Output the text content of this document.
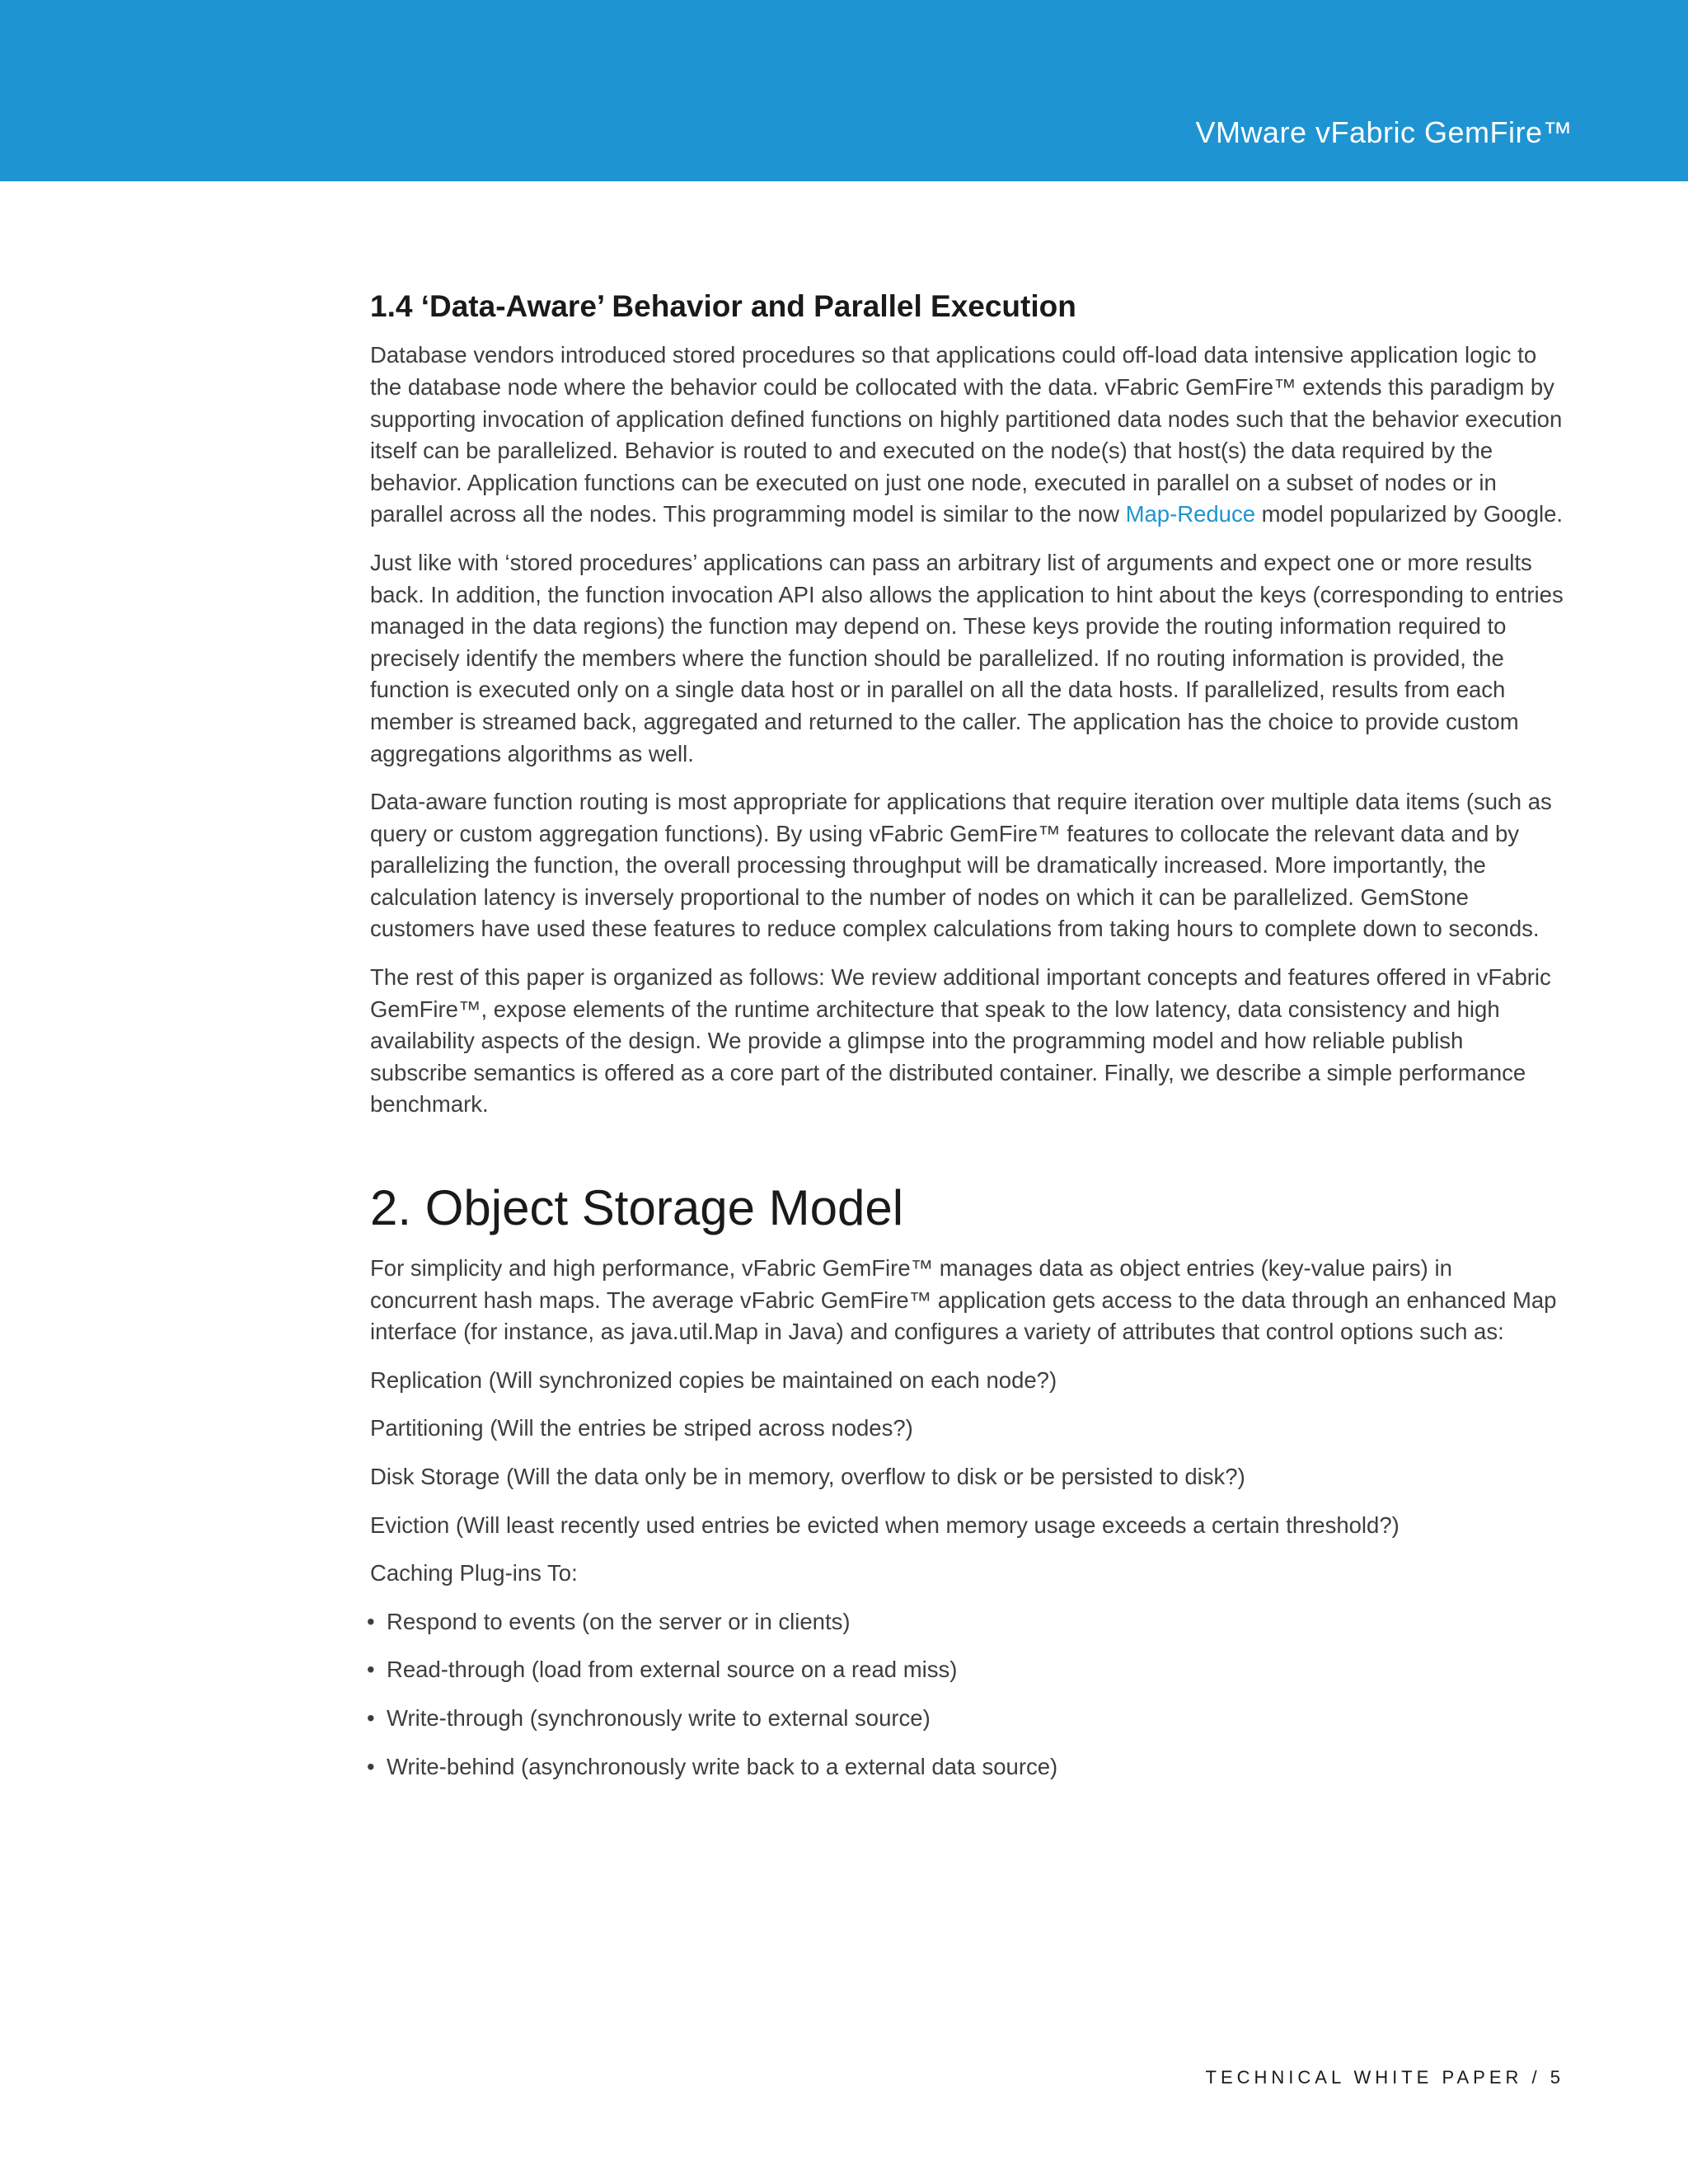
VMware vFabric GemFire™
1.4 ‘Data-Aware’ Behavior and Parallel Execution

Database vendors introduced stored procedures so that applications could off-load data intensive application logic to the database node where the behavior could be collocated with the data. vFabric GemFire™ extends this paradigm by supporting invocation of application defined functions on highly partitioned data nodes such that the behavior execution itself can be parallelized. Behavior is routed to and executed on the node(s) that host(s) the data required by the behavior. Application functions can be executed on just one node, executed in parallel on a subset of nodes or in parallel across all the nodes. This programming model is similar to the now Map-Reduce model popularized by Google.

Just like with ‘stored procedures’ applications can pass an arbitrary list of arguments and expect one or more results back. In addition, the function invocation API also allows the application to hint about the keys (corresponding to entries managed in the data regions) the function may depend on. These keys provide the routing information required to precisely identify the members where the function should be parallelized. If no routing information is provided, the function is executed only on a single data host or in parallel on all the data hosts. If parallelized, results from each member is streamed back, aggregated and returned to the caller. The application has the choice to provide custom aggregations algorithms as well.

Data-aware function routing is most appropriate for applications that require iteration over multiple data items (such as query or custom aggregation functions). By using vFabric GemFire™ features to collocate the relevant data and by parallelizing the function, the overall processing throughput will be dramatically increased. More importantly, the calculation latency is inversely proportional to the number of nodes on which it can be parallelized. GemStone customers have used these features to reduce complex calculations from taking hours to complete down to seconds.

The rest of this paper is organized as follows: We review additional important concepts and features offered in vFabric GemFire™, expose elements of the runtime architecture that speak to the low latency, data consistency and high availability aspects of the design. We provide a glimpse into the programming model and how reliable publish subscribe semantics is offered as a core part of the distributed container. Finally, we describe a simple performance benchmark.

2. Object Storage Model

For simplicity and high performance, vFabric GemFire™ manages data as object entries (key-value pairs) in concurrent hash maps. The average vFabric GemFire™ application gets access to the data through an enhanced Map interface (for instance, as java.util.Map in Java) and configures a variety of attributes that control options such as:

Replication (Will synchronized copies be maintained on each node?)

Partitioning (Will the entries be striped across nodes?)

Disk Storage (Will the data only be in memory, overflow to disk or be persisted to disk?)

Eviction (Will least recently used entries be evicted when memory usage exceeds a certain threshold?)

Caching Plug-ins To:

• Respond to events (on the server or in clients)
• Read-through (load from external source on a read miss)
• Write-through (synchronously write to external source)
• Write-behind (asynchronously write back to a external data source)
TECHNICAL WHITE PAPER / 5
